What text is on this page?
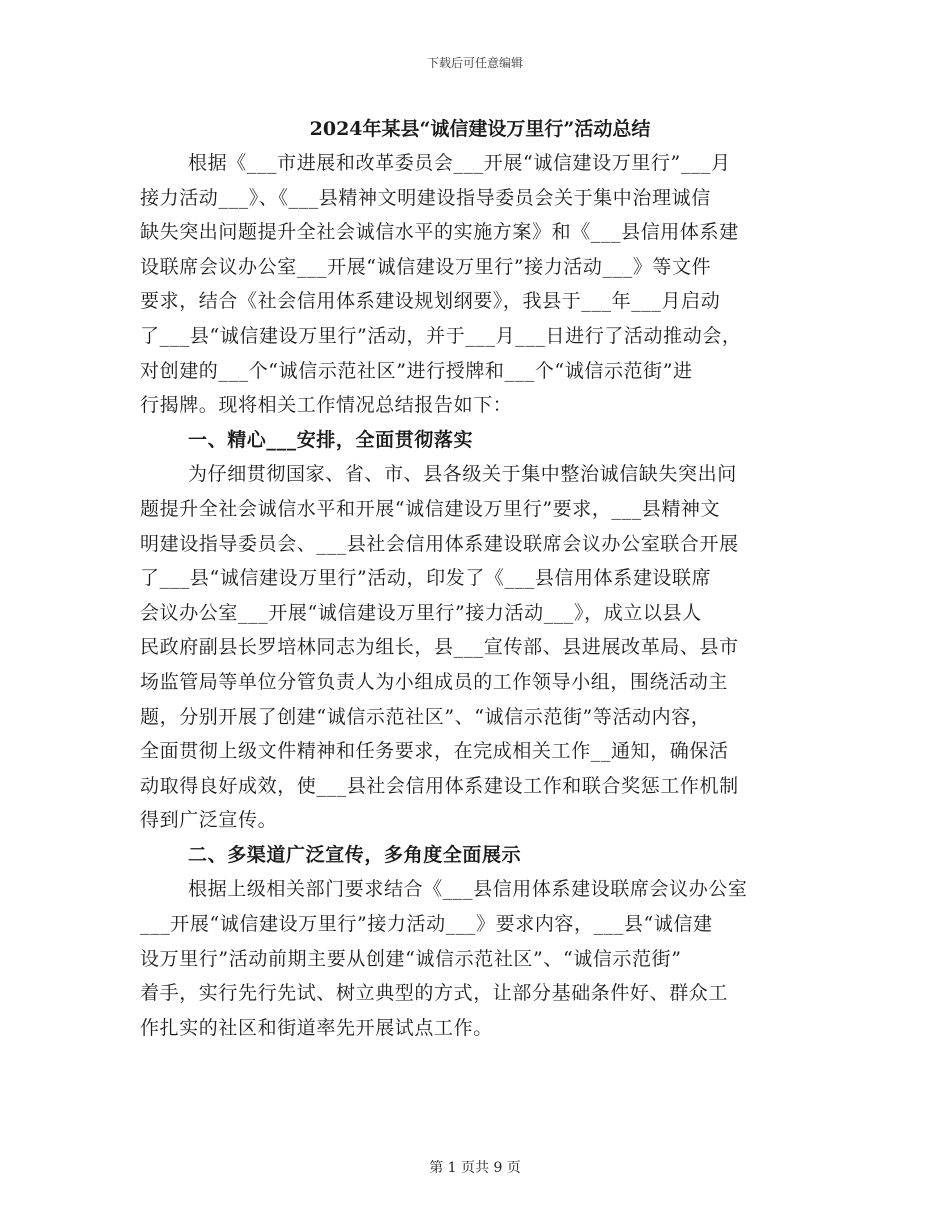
下载后可任意编辑
2024年某县“诚信建设万里行”活动总结
根据《___市进展和改革委员会___开展“诚信建设万里行”___月
接力活动___》、《___县精神文明建设指导委员会关于集中治理诚信
缺失突出问题提升全社会诚信水平的实施方案》和《___县信用体系建
设联席会议办公室___开展“诚信建设万里行”接力活动___》等文件
要求，结合《社会信用体系建设规划纲要》，我县于___年___月启动
了___县“诚信建设万里行”活动，并于___月___日进行了活动推动会，
对创建的___个“诚信示范社区”进行授牌和___个“诚信示范街”进
行揭牌。现将相关工作情况总结报告如下：
一、精心___安排，全面贯彻落实
为仔细贯彻国家、省、市、县各级关于集中整治诚信缺失突出问
题提升全社会诚信水平和开展“诚信建设万里行”要求，___县精神文
明建设指导委员会、___县社会信用体系建设联席会议办公室联合开展
了___县“诚信建设万里行”活动，印发了《___县信用体系建设联席
会议办公室___开展“诚信建设万里行”接力活动___》，成立以县人
民政府副县长罗培林同志为组长，县___宣传部、县进展改革局、县市
场监管局等单位分管负责人为小组成员的工作领导小组，围绕活动主
题，分别开展了创建“诚信示范社区”、“诚信示范街”等活动内容，
全面贯彻上级文件精神和任务要求，在完成相关工作__通知，确保活
动取得良好成效，使___县社会信用体系建设工作和联合奖惩工作机制
得到广泛宣传。
二、多渠道广泛宣传，多角度全面展示
根据上级相关部门要求结合《___县信用体系建设联席会议办公室
___开展“诚信建设万里行”接力活动___》要求内容，___县“诚信建
设万里行”活动前期主要从创建“诚信示范社区”、“诚信示范街”
着手，实行先行先试、树立典型的方式，让部分基础条件好、群众工
作扎实的社区和街道率先开展试点工作。
第 1 页共 9 页
